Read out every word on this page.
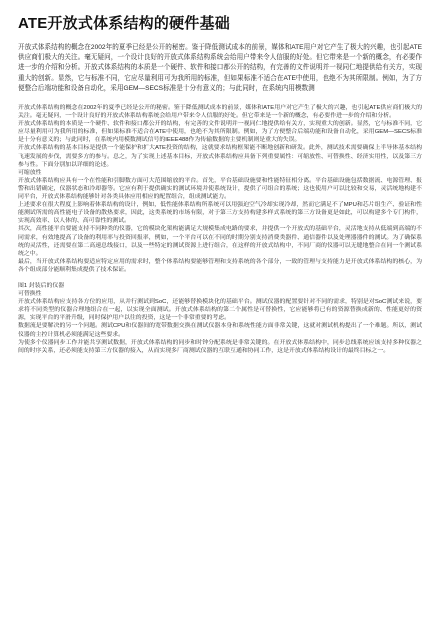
ATE开放式体系结构的硬件基础
开放式体系结构的概念在2002年的夏季已经是公开的秘密。鉴于降低测试成本的前景，媒体和ATE用户对它产生了极大的兴趣，也引起ATE供应商们极大的关注。毫无疑问，一个设计良好的开放式体系结构系统会给用户带来令人信服的好处。但它带来是一个新的概念，有必要作进一步的介绍和分析。开放式体系结构的本质是一个硬件、软件和接口都公开的结构，有完善的文件说明并一视同仁地提供给有关方，实现重大的创新。显然，它与标准不同，它应尽量利用可为我所用的标准，但如果标准不适合在ATE中使用，也绝不为其所限制。例如，为了方便整合后端功能和设备自动化，采用GEM—SECS标准是十分有意义的；与此同时，在系统内用模数测

开放式体系结构的概念在2002年的夏季已经是公开的秘密。鉴于降低测试成本的前景，媒体和ATE用户对它产生了极大的兴趣，也引起ATE供应商们极大的关注。毫无疑问，一个设计良好的开放式体系结构系统会给用户带来令人信服的好处。但它带来是一个新的概念，有必要作进一步的介绍和分析。

开放式体系结构的本质是一个硬件、软件和接口都公开的结构，有完善的文件说明并一视同仁地提供给有关方，实现重大的创新。显然，它与标准不同，它应尽量利用可为我所用的标准，但如果标准不适合在ATE中使用，也绝不为其所限制。例如，为了方便整合后端功能和设备自动化，采用GEM—SECS标准是十分有意义的；与此同时，在系统内用模数测试信号的IEEE488作为传输数据的主要机制则是重大的失误。

开放式体系结构的基本目标是提供一个能保护和扩大ATE投资的结构，这就要求结构框架能不断地创新和研发。此外，测试技术需要确保上半导体基本结构飞速发展的步伐，需要多方的参与。总之，为了实现上述基本目标，开放式体系结构应具备下列重要属性：可缩放性、可替换性、经济实用性，以及第三方参与性。下面分别加以详细的论述。

可缩放性

开放式体系结构应具有一个在性能和引脚数方面可大范围缩放的平台。首先，平台基础设施要和性能特征相分离。平台基础设施包括数据流、电源管理、报警和出错确定，仪器状态和冷却器等。它应有利于提供确实的测试环境并使系统设计，提供了可组合的系统；这也使用户可以比较和交易，灵活统地构建不同平台，开放式体系结构能够针对各类具体应用相应的配置组合，组成测试能力。

上述要求在很大程度上影响着体系结构的设计，例如，低性能体系结构所系统可以用强迫空气冷却实现冷却，然而它满足不了MPU和芯片组生产、验证和性能测试所需的高性能电子设备的散热要求，因此，这类系统的市场有限，对于第三方支持构建多样式系统的第三方设备更是如此，可以构建多个专门构件，实现高效率、以人体的、高可靠性的测试。

其次，高性能平台要能支持不同种类的仪器，它的模块化架构能满足大规模集成电路的要求，并提供一个开放式的基础平台，灵活地支持从低端到高端的不同需求，有效地提高了设备的利用率与投资回报率，例如，一个平台可以在不同的时期分别支持消费类器件、通信器件以及处理器器件的测试。为了确保系统的灵活性，还需要在第二高速总线接口，以及一些特定的测试资源上进行组合，在这样的开放式结构中，不同厂商的仪器可以无缝地整合在同一个测试系统之中。

最后，当开放式体系结构要适应特定应用的需求时，整个体系结构要能够管理和支持系统的各个部分，一致的管理与支持能力是开放式体系结构的核心，为各个组成部分能顺利集成提供了技术保证。

图1 封装后的仪器

可替换性

开放式体系结构应支持各方位的应用，从并行测试到SoC，还能够替换模块化的基础平台。测试仪器的配置要针对不同的需求，特别是对SoC测试来说，要求将不同类型的仪器合理地组合在一起，以实现全面测试。开放式体系结构的第二个属性是可替换性，它应能够将已有的资源替换成新的、性能更好的资源，实现平台的平滑升级，同时保护用户以往的投资，这是一个非常重要的考虑。

数据流是要解决的另一个问题。测试CPU和仪器间的宽带数据交换在测试仪器本身和系统性能方面非常关键，这就对测试机构提出了一个难题。所以，测试仪器的主控计算机必须能满足这些要求。

为使多个仪器同步工作并能共享测试数据，开放式体系结构的同步和时钟分配系统是非常关键的。在开放式体系结构中，同步总线系统应该支持多种仪器之间的时序关系，还必须能支持第三方仪器的接入，从而实现多厂商测试仪器的互联互通和协同工作，这是开放式体系结构设计的最终目标之一。
